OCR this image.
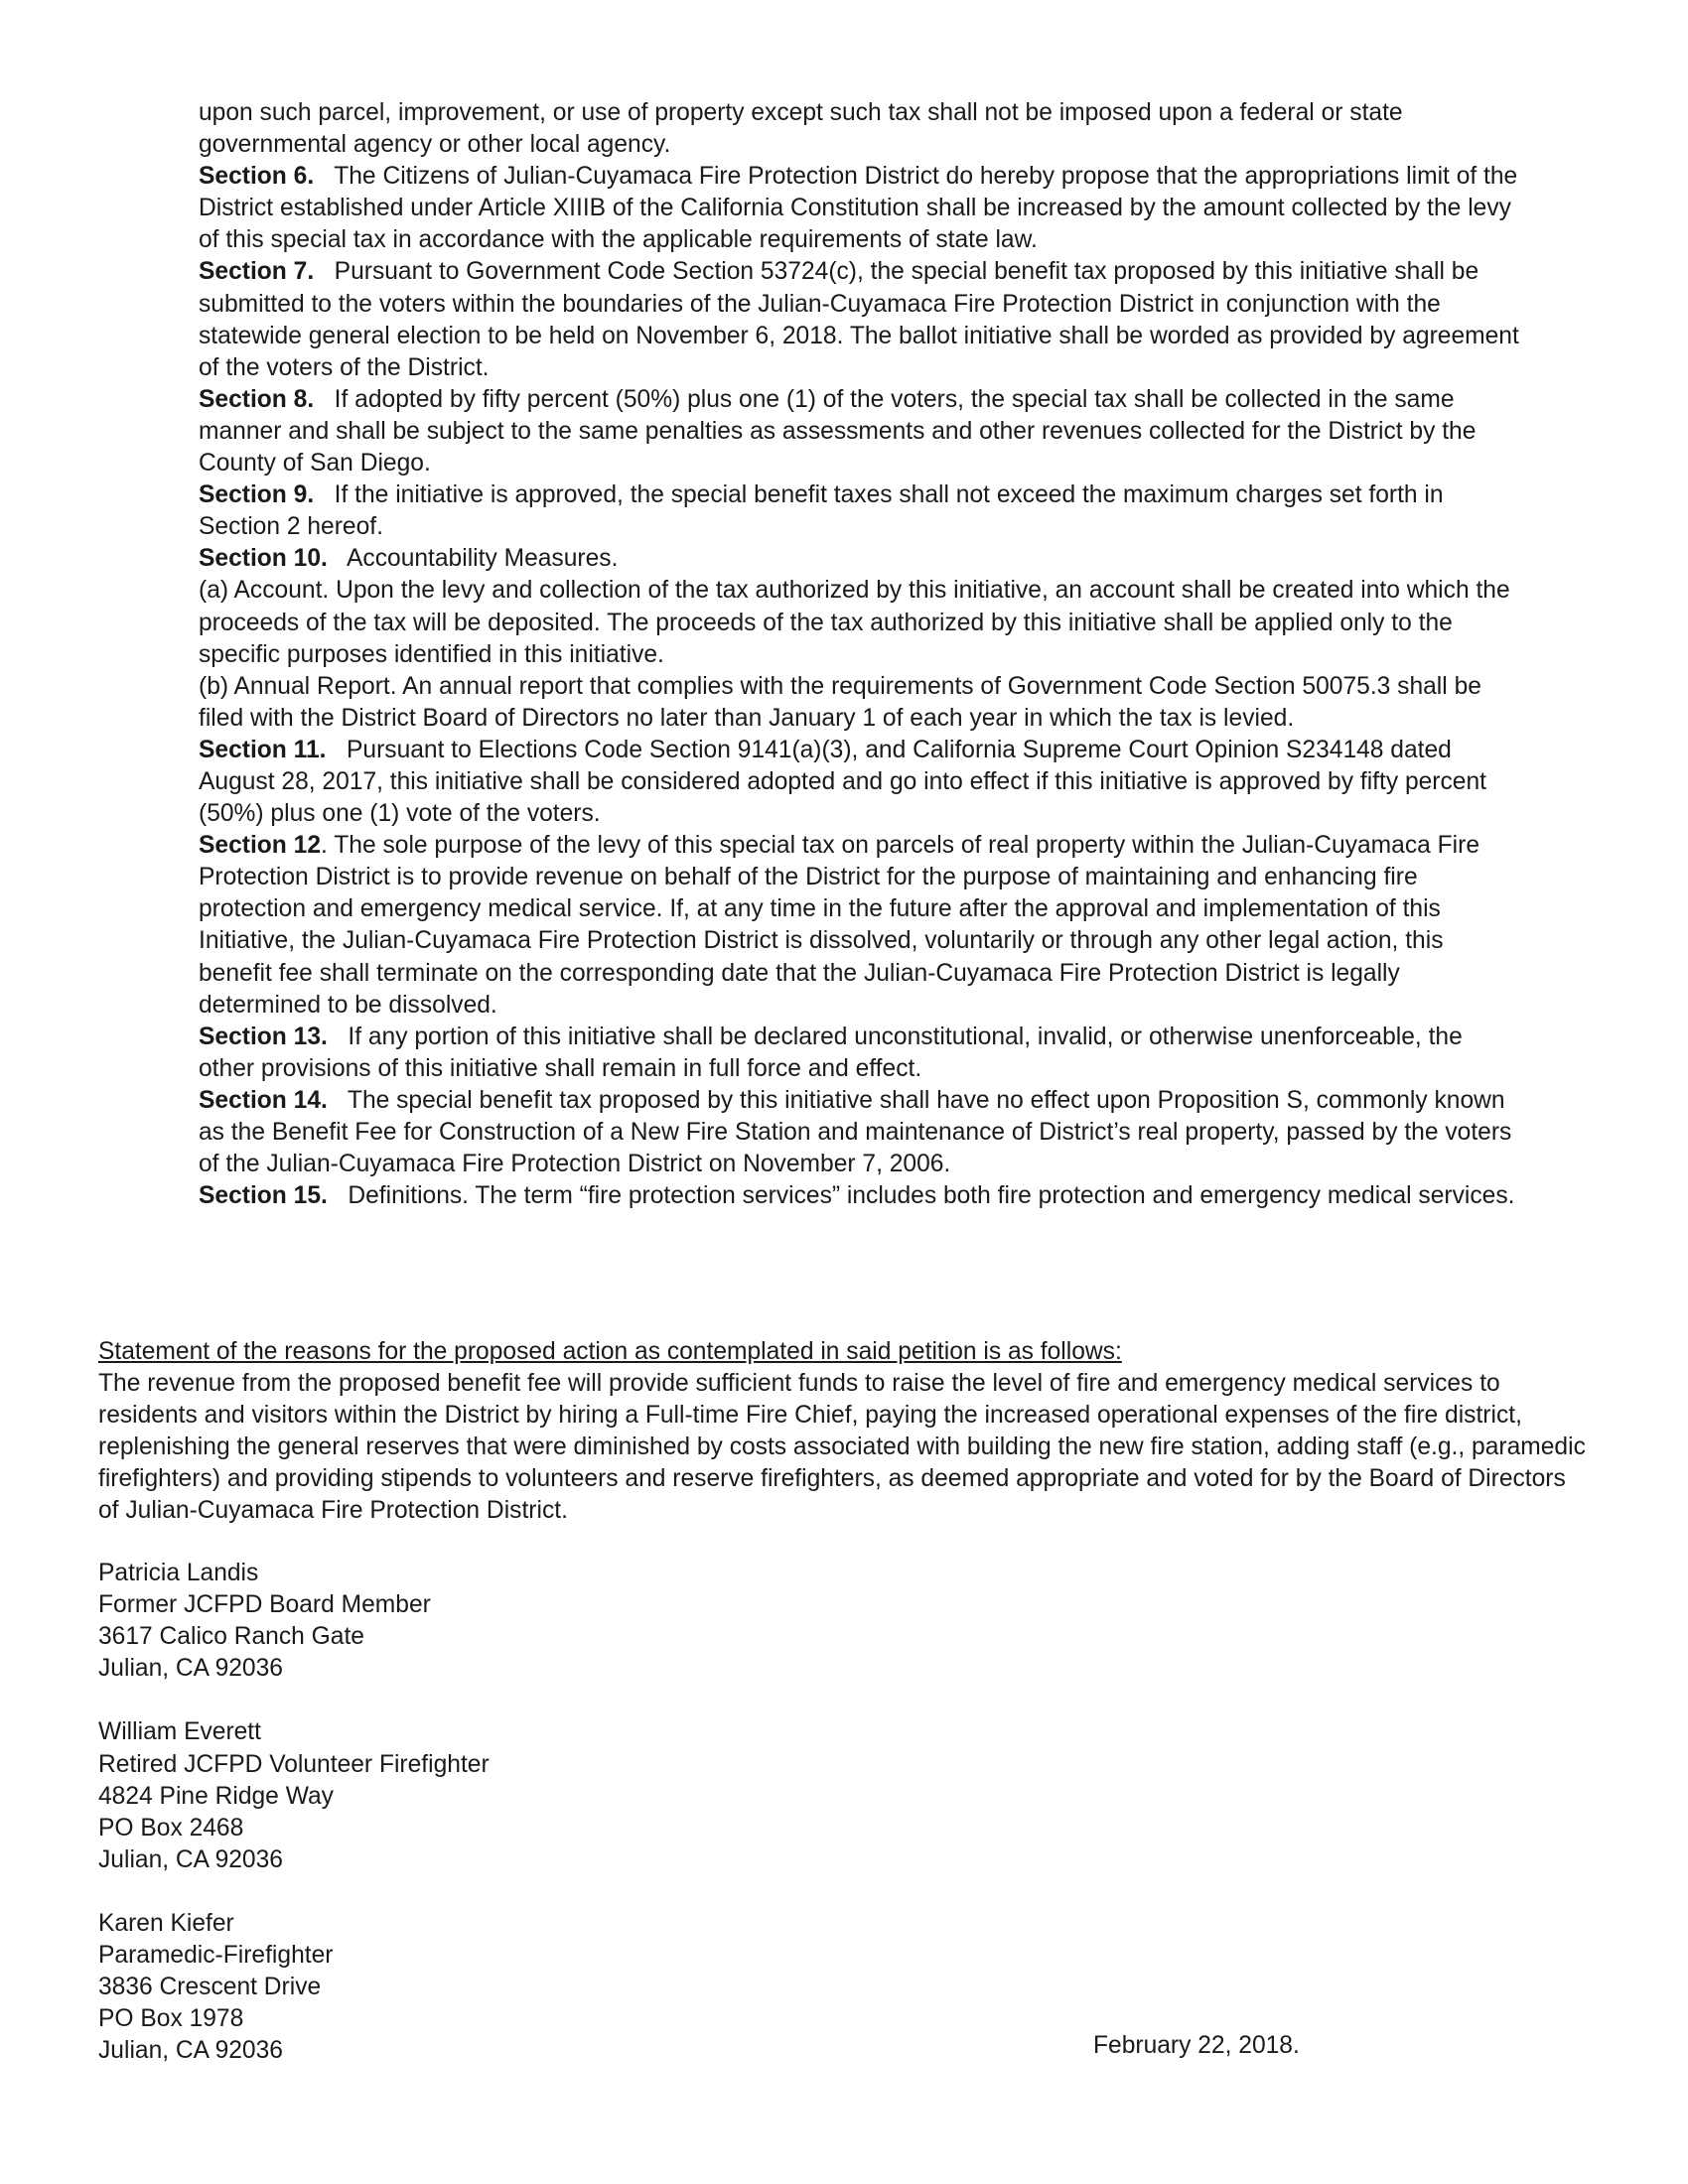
upon such parcel, improvement, or use of property except such tax shall not be imposed upon a federal or state governmental agency or other local agency.

Section 6. The Citizens of Julian-Cuyamaca Fire Protection District do hereby propose that the appropriations limit of the District established under Article XIIIB of the California Constitution shall be increased by the amount collected by the levy of this special tax in accordance with the applicable requirements of state law.

Section 7. Pursuant to Government Code Section 53724(c), the special benefit tax proposed by this initiative shall be submitted to the voters within the boundaries of the Julian-Cuyamaca Fire Protection District in conjunction with the statewide general election to be held on November 6, 2018. The ballot initiative shall be worded as provided by agreement of the voters of the District.

Section 8. If adopted by fifty percent (50%) plus one (1) of the voters, the special tax shall be collected in the same manner and shall be subject to the same penalties as assessments and other revenues collected for the District by the County of San Diego.

Section 9. If the initiative is approved, the special benefit taxes shall not exceed the maximum charges set forth in Section 2 hereof.

Section 10. Accountability Measures.

(a) Account. Upon the levy and collection of the tax authorized by this initiative, an account shall be created into which the proceeds of the tax will be deposited. The proceeds of the tax authorized by this initiative shall be applied only to the specific purposes identified in this initiative.

(b) Annual Report. An annual report that complies with the requirements of Government Code Section 50075.3 shall be filed with the District Board of Directors no later than January 1 of each year in which the tax is levied.

Section 11. Pursuant to Elections Code Section 9141(a)(3), and California Supreme Court Opinion S234148 dated August 28, 2017, this initiative shall be considered adopted and go into effect if this initiative is approved by fifty percent (50%) plus one (1) vote of the voters.

Section 12. The sole purpose of the levy of this special tax on parcels of real property within the Julian-Cuyamaca Fire Protection District is to provide revenue on behalf of the District for the purpose of maintaining and enhancing fire protection and emergency medical service. If, at any time in the future after the approval and implementation of this Initiative, the Julian-Cuyamaca Fire Protection District is dissolved, voluntarily or through any other legal action, this benefit fee shall terminate on the corresponding date that the Julian-Cuyamaca Fire Protection District is legally determined to be dissolved.

Section 13. If any portion of this initiative shall be declared unconstitutional, invalid, or otherwise unenforceable, the other provisions of this initiative shall remain in full force and effect.

Section 14. The special benefit tax proposed by this initiative shall have no effect upon Proposition S, commonly known as the Benefit Fee for Construction of a New Fire Station and maintenance of District’s real property, passed by the voters of the Julian-Cuyamaca Fire Protection District on November 7, 2006.

Section 15. Definitions. The term “fire protection services” includes both fire protection and emergency medical services.

Statement of the reasons for the proposed action as contemplated in said petition is as follows:

The revenue from the proposed benefit fee will provide sufficient funds to raise the level of fire and emergency medical services to residents and visitors within the District by hiring a Full-time Fire Chief, paying the increased operational expenses of the fire district, replenishing the general reserves that were diminished by costs associated with building the new fire station, adding staff (e.g., paramedic firefighters) and providing stipends to volunteers and reserve firefighters, as deemed appropriate and voted for by the Board of Directors of Julian-Cuyamaca Fire Protection District.

Patricia Landis
Former JCFPD Board Member
3617 Calico Ranch Gate
Julian, CA 92036
William Everett
Retired JCFPD Volunteer Firefighter
4824 Pine Ridge Way
PO Box 2468
Julian, CA 92036
Karen Kiefer
Paramedic-Firefighter
3836 Crescent Drive
PO Box 1978
Julian, CA 92036	February 22, 2018.
